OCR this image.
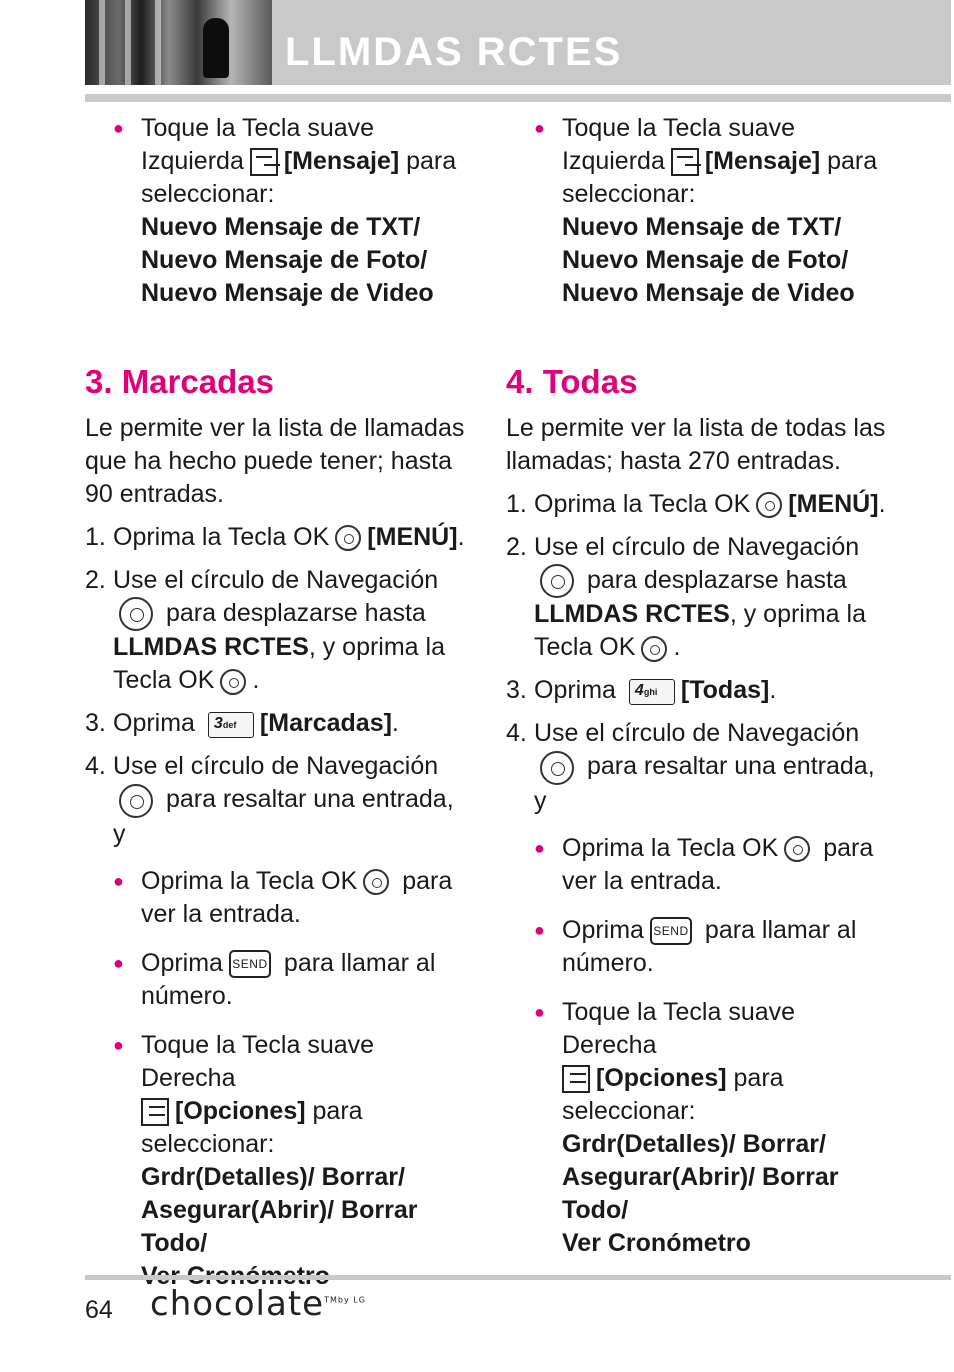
LLMDAS RCTES
● Toque la Tecla suave
Izquierda [Mensaje] para
seleccionar:
Nuevo Mensaje de TXT/
Nuevo Mensaje de Foto/
Nuevo Mensaje de Video
3. Marcadas
Le permite ver la lista de llamadas que ha hecho puede tener; hasta 90 entradas.
1. Oprima la Tecla OK [MENÚ].
2. Use el círculo de Navegación
para desplazarse hasta
LLMDAS RCTES, y oprima la
Tecla OK .
3. Oprima 3def [Marcadas].
4. Use el círculo de Navegación
para resaltar una entrada, y
● Oprima la Tecla OK para
ver la entrada.
● Oprima SEND para llamar al
número.
● Toque la Tecla suave Derecha
[Opciones] para
seleccionar:
Grdr(Detalles)/ Borrar/
Asegurar(Abrir)/ Borrar Todo/

● Toque la Tecla suave
Izquierda [Mensaje] para
seleccionar:
Nuevo Mensaje de TXT/
Nuevo Mensaje de Foto/
Nuevo Mensaje de Video
4. Todas
Le permite ver la lista de todas las llamadas; hasta 270 entradas.
1. Oprima la Tecla OK [MENÚ].
2. Use el círculo de Navegación
para desplazarse hasta
LLMDAS RCTES, y oprima la
Tecla OK .
3. Oprima 4ghi [Todas].
4. Use el círculo de Navegación
para resaltar una entrada, y
● Oprima la Tecla OK para
ver la entrada.
● Oprima SEND para llamar al
número.
● Toque la Tecla suave Derecha
[Opciones] para
seleccionar:
Grdr(Detalles)/ Borrar/
Asegurar(Abrir)/ Borrar Todo/
Ver Cronómetro
64 chocolate$^{TMby LG}$
